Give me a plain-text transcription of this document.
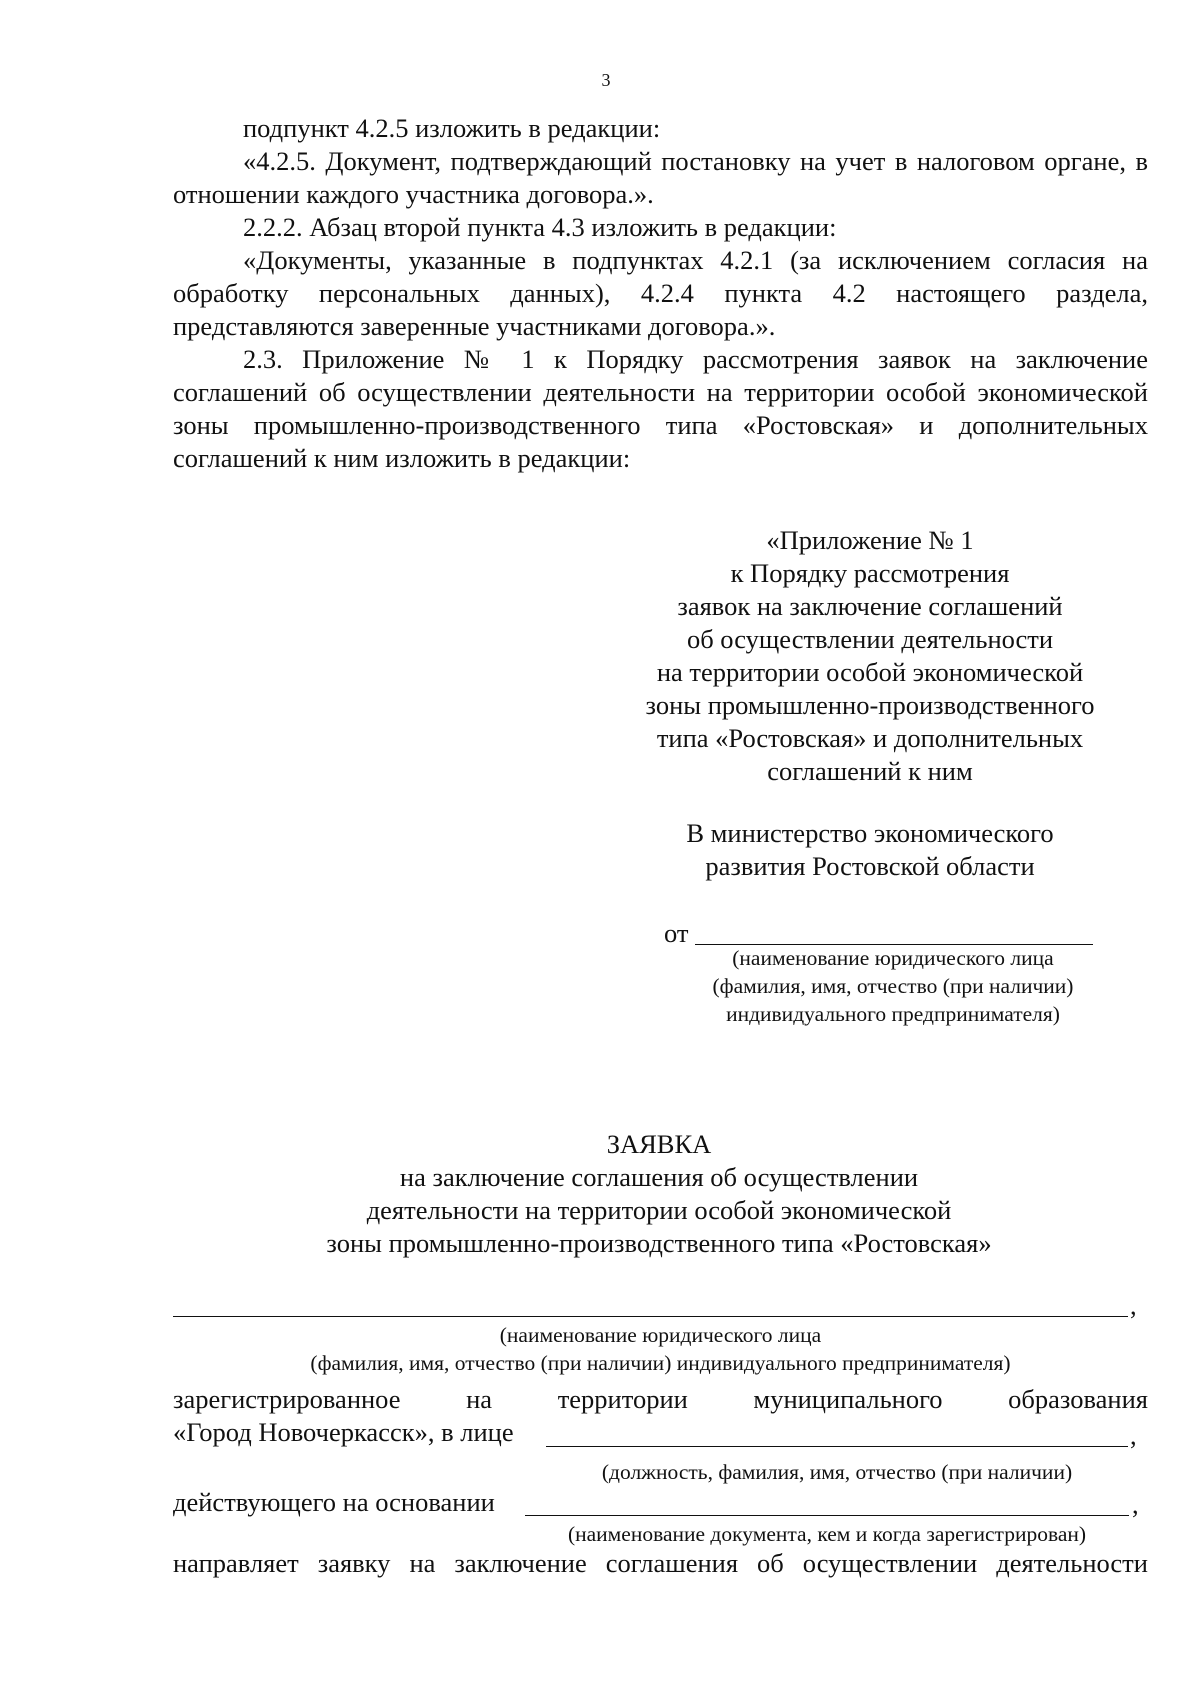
3

подпункт 4.2.5 изложить в редакции:

«4.2.5. Документ, подтверждающий постановку на учет в налоговом органе, в отношении каждого участника договора.».

2.2.2. Абзац второй пункта 4.3 изложить в редакции:

«Документы, указанные в подпунктах 4.2.1 (за исключением согласия на обработку персональных данных), 4.2.4 пункта 4.2 настоящего раздела, представляются заверенные участниками договора.».

2.3. Приложение № 1 к Порядку рассмотрения заявок на заключение соглашений об осуществлении деятельности на территории особой экономической зоны промышленно-производственного типа «Ростовская» и дополнительных соглашений к ним изложить в редакции:

«Приложение № 1
к Порядку рассмотрения
заявок на заключение соглашений
об осуществлении деятельности
на территории особой экономической
зоны промышленно-производственного
типа «Ростовская» и дополнительных
соглашений к ним
В министерство экономического
развития Ростовской области
от
(наименование юридического лица
(фамилия, имя, отчество (при наличии)
индивидуального предпринимателя)
ЗАЯВКА
на заключение соглашения об осуществлении
деятельности на территории особой экономической
зоны промышленно-производственного типа «Ростовская»
,
(наименование юридического лица
(фамилия, имя, отчество (при наличии) индивидуального предпринимателя)
зарегистрированное на территории муниципального образования
«Город Новочеркасск», в лице	,
(должность, фамилия, имя, отчество (при наличии)
действующего на основании	,
(наименование документа, кем и когда зарегистрирован)
направляет заявку на заключение соглашения об осуществлении деятельности
